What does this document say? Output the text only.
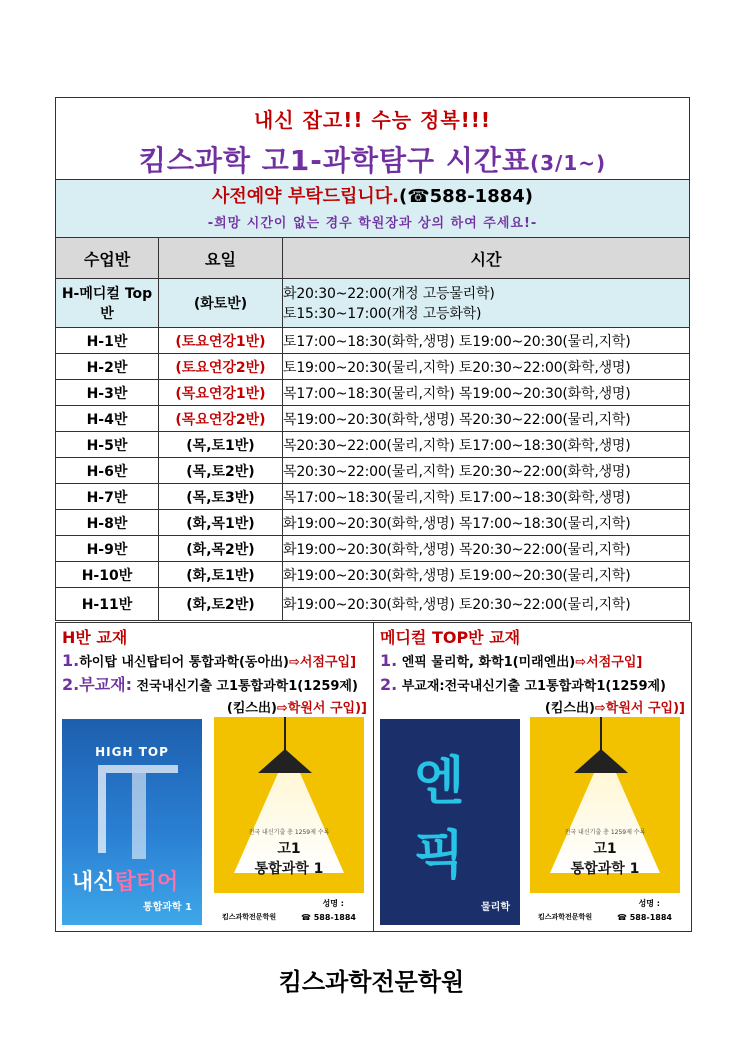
내신 잡고!! 수능 정복!!!
킴스과학 고1-과학탐구 시간표(3/1~)
사전예약 부탁드립니다.(☎588-1884)
-희망 시간이 없는 경우 학원장과 상의 하여 주세요!-
수업반	요일	시간
H-메디컬 Top반	(화토반)	화20:30~22:00(개정 고등물리학)
토15:30~17:00(개정 고등화학)

H-1반	(토요연강1반)	토17:00~18:30(화학,생명) 토19:00~20:30(물리,지학)
H-2반	(토요연강2반)	토19:00~20:30(물리,지학) 토20:30~22:00(화학,생명)
H-3반	(목요연강1반)	목17:00~18:30(물리,지학) 목19:00~20:30(화학,생명)
H-4반	(목요연강2반)	목19:00~20:30(화학,생명) 목20:30~22:00(물리,지학)
H-5반	(목,토1반)	목20:30~22:00(물리,지학) 토17:00~18:30(화학,생명)
H-6반	(목,토2반)	목20:30~22:00(물리,지학) 토20:30~22:00(화학,생명)
H-7반	(목,토3반)	목17:00~18:30(물리,지학) 토17:00~18:30(화학,생명)
H-8반	(화,목1반)	화19:00~20:30(화학,생명) 목17:00~18:30(물리,지학)
H-9반	(화,목2반)	화19:00~20:30(화학,생명) 목20:30~22:00(물리,지학)
H-10반	(화,토1반)	화19:00~20:30(화학,생명) 토19:00~20:30(물리,지학)
H-11반	(화,토2반)	화19:00~20:30(화학,생명) 토20:30~22:00(물리,지학)
H반 교재
1.하이탑 내신탑티어 통합과학(동아出)⇨서점구입]
2.부교재: 전국내신기출 고1통합과학1(1259제)
(킴스出)⇨학원서 구입)]
HIGH TOP
내신탑티어
통합과학 1
전국 내신기출 총 1259제 수록
고1
통합과학 1
성명 :
킴스과학전문학원	☎ 588-1884
메디컬 TOP반 교재
1. 엔픽 물리학, 화학1(미래엔出)⇨서점구입]
2. 부교재:전국내신기출 고1통합과학1(1259제)
(킴스出)⇨학원서 구입)]
엔
픽
물리학
전국 내신기출 총 1259제 수록
고1
통합과학 1
성명 :
킴스과학전문학원	☎ 588-1884
킴스과학전문학원
